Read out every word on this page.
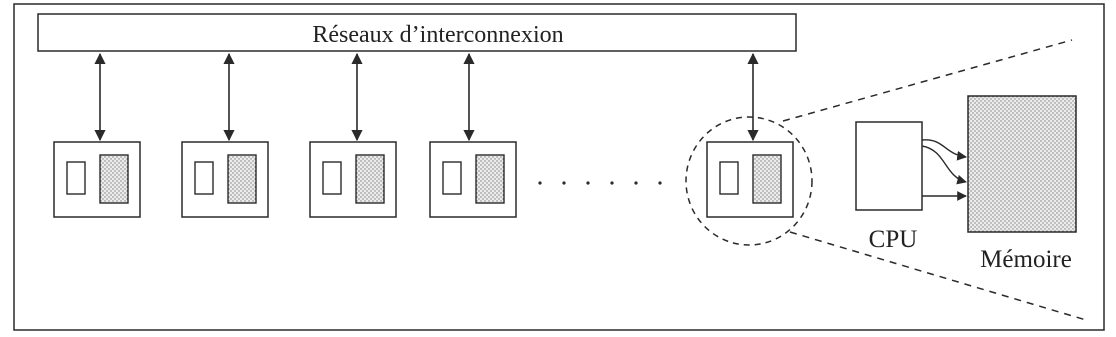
Réseaux d’interconnexion
CPU
Mémoire
